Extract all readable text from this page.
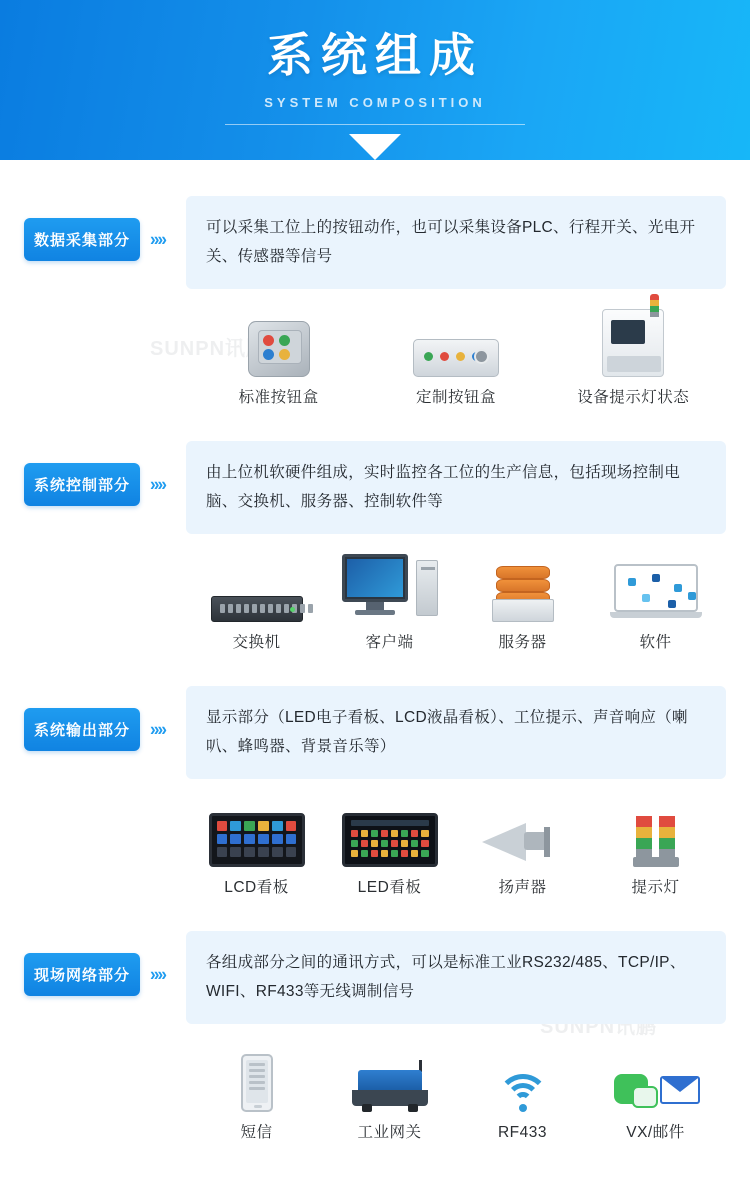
系统组成
SYSTEM COMPOSITION
SUNPN讯鹏
SUNPN讯鹏
数据采集部分	»»
可以采集工位上的按钮动作，也可以采集设备PLC、行程开关、光电开关、传感器等信号
标准按钮盒	定制按钮盒	设备提示灯状态
系统控制部分	»»
由上位机软硬件组成，实时监控各工位的生产信息，包括现场控制电脑、交换机、服务器、控制软件等
交换机	客户端	服务器	软件
系统输出部分	»»
显示部分（LED电子看板、LCD液晶看板）、工位提示、声音响应（喇叭、蜂鸣器、背景音乐等）
LCD看板	LED看板	扬声器	提示灯
现场网络部分	»»
各组成部分之间的通讯方式，可以是标准工业RS232/485、TCP/IP、WIFI、RF433等无线调制信号
短信	工业网关	RF433	VX/邮件
